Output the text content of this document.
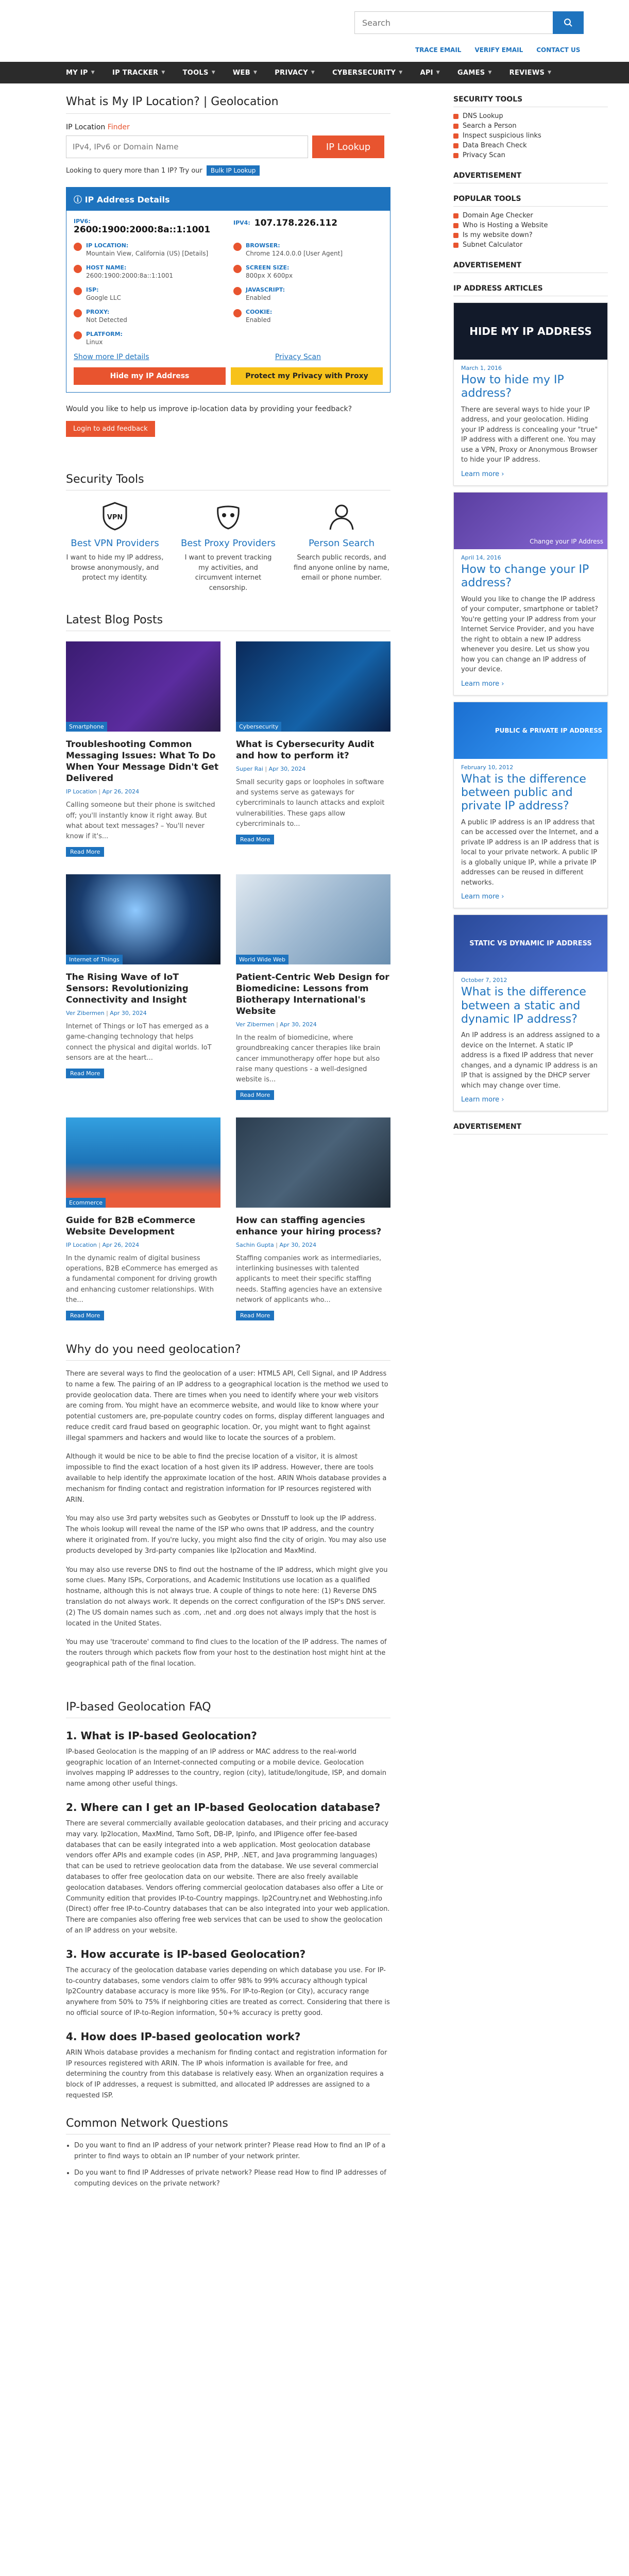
Search
TRACE EMAIL VERIFY EMAIL CONTACT US
MY IP ▼	IP TRACKER ▼	TOOLS ▼	WEB ▼	PRIVACY ▼	CYBERSECURITY ▼	API ▼	GAMES ▼	REVIEWS ▼
What is My IP Location? | Geolocation
IP Location Finder
IPv4, IPv6 or Domain Name
IP Lookup
Looking to query more than 1 IP? Try our	Bulk IP Lookup
ⓘ IP Address Details
IPV6:
2600:1900:2000:8a::1:1001
IPV4: 107.178.226.112
IP LOCATION:
Mountain View, California (US) [Details]
BROWSER:
Chrome 124.0.0.0 [User Agent]
HOST NAME:
2600:1900:2000:8a::1:1001
SCREEN SIZE:
800px X 600px
ISP:
Google LLC
JAVASCRIPT:
Enabled
PROXY:
Not Detected
COOKIE:
Enabled
PLATFORM:
Linux
Show more IP details	Privacy Scan
Hide my IP Address	Protect my Privacy with Proxy
Would you like to help us improve ip-location data by providing your feedback?
Login to add feedback
Security Tools
VPN
Best VPN Providers
I want to hide my IP address, browse anonymously, and protect my identity.
Best Proxy Providers
I want to prevent tracking my activities, and circumvent internet censorship.
Person Search
Search public records, and find anyone online by name, email or phone number.
Latest Blog Posts
Smartphone
Troubleshooting Common Messaging Issues: What To Do When Your Message Didn't Get Delivered
IP Location | Apr 26, 2024
Calling someone but their phone is switched off; you'll instantly know it right away. But what about text messages? – You'll never know if it's...
Read More
Cybersecurity
What is Cybersecurity Audit and how to perform it?
Super Rai | Apr 30, 2024
Small security gaps or loopholes in software and systems serve as gateways for cybercriminals to launch attacks and exploit vulnerabilities. These gaps allow cybercriminals to...
Read More
Internet of Things
The Rising Wave of IoT Sensors: Revolutionizing Connectivity and Insight
Ver Zibermen | Apr 30, 2024
Internet of Things or IoT has emerged as a game-changing technology that helps connect the physical and digital worlds. IoT sensors are at the heart...
Read More
World Wide Web
Patient-Centric Web Design for Biomedicine: Lessons from Biotherapy International's Website
Ver Zibermen | Apr 30, 2024
In the realm of biomedicine, where groundbreaking cancer therapies like brain cancer immunotherapy offer hope but also raise many questions - a well-designed website is...
Read More
Ecommerce
Guide for B2B eCommerce Website Development
IP Location | Apr 26, 2024
In the dynamic realm of digital business operations, B2B eCommerce has emerged as a fundamental component for driving growth and enhancing customer relationships. With the...
Read More
How can staffing agencies enhance your hiring process?
Sachin Gupta | Apr 30, 2024
Staffing companies work as intermediaries, interlinking businesses with talented applicants to meet their specific staffing needs. Staffing agencies have an extensive network of applicants who...
Read More
Why do you need geolocation?

There are several ways to find the geolocation of a user: HTML5 API, Cell Signal, and IP Address to name a few. The pairing of an IP address to a geographical location is the method we used to provide geolocation data. There are times when you need to identify where your web visitors are coming from. You might have an ecommerce website, and would like to know where your potential customers are, pre-populate country codes on forms, display different languages and reduce credit card fraud based on geographic location. Or, you might want to fight against illegal spammers and hackers and would like to locate the sources of a problem.

Although it would be nice to be able to find the precise location of a visitor, it is almost impossible to find the exact location of a host given its IP address. However, there are tools available to help identify the approximate location of the host. ARIN Whois database provides a mechanism for finding contact and registration information for IP resources registered with ARIN.

You may also use 3rd party websites such as Geobytes or Dnsstuff to look up the IP address. The whois lookup will reveal the name of the ISP who owns that IP address, and the country where it originated from. If you're lucky, you might also find the city of origin. You may also use products developed by 3rd-party companies like Ip2location and MaxMind.

You may also use reverse DNS to find out the hostname of the IP address, which might give you some clues. Many ISPs, Corporations, and Academic Institutions use location as a qualified hostname, although this is not always true. A couple of things to note here: (1) Reverse DNS translation do not always work. It depends on the correct configuration of the ISP's DNS server. (2) The US domain names such as .com, .net and .org does not always imply that the host is located in the United States.

You may use 'traceroute' command to find clues to the location of the IP address. The names of the routers through which packets flow from your host to the destination host might hint at the geographical path of the final location.

IP-based Geolocation FAQ
1. What is IP-based Geolocation?

IP-based Geolocation is the mapping of an IP address or MAC address to the real-world geographic location of an Internet-connected computing or a mobile device. Geolocation involves mapping IP addresses to the country, region (city), latitude/longitude, ISP, and domain name among other useful things.

2. Where can I get an IP-based Geolocation database?

There are several commercially available geolocation databases, and their pricing and accuracy may vary. Ip2location, MaxMind, Tamo Soft, DB-IP, Ipinfo, and IPligence offer fee-based databases that can be easily integrated into a web application. Most geolocation database vendors offer APIs and example codes (in ASP, PHP, .NET, and Java programming languages) that can be used to retrieve geolocation data from the database. We use several commercial databases to offer free geolocation data on our website. There are also freely available geolocation databases. Vendors offering commercial geolocation databases also offer a Lite or Community edition that provides IP-to-Country mappings. Ip2Country.net and Webhosting.info (Direct) offer free IP-to-Country databases that can be also integrated into your web application. There are companies also offering free web services that can be used to show the geolocation of an IP address on your website.

3. How accurate is IP-based Geolocation?

The accuracy of the geolocation database varies depending on which database you use. For IP-to-country databases, some vendors claim to offer 98% to 99% accuracy although typical Ip2Country database accuracy is more like 95%. For IP-to-Region (or City), accuracy range anywhere from 50% to 75% if neighboring cities are treated as correct. Considering that there is no official source of IP-to-Region information, 50+% accuracy is pretty good.

4. How does IP-based geolocation work?

ARIN Whois database provides a mechanism for finding contact and registration information for IP resources registered with ARIN. The IP whois information is available for free, and determining the country from this database is relatively easy. When an organization requires a block of IP addresses, a request is submitted, and allocated IP addresses are assigned to a requested ISP.

Common Network Questions
• Do you want to find an IP address of your network printer? Please read How to find an IP of a printer to find ways to obtain an IP number of your network printer.
• Do you want to find IP Addresses of private network? Please read How to find IP addresses of computing devices on the private network?
SECURITY TOOLS
DNS Lookup
Search a Person
Inspect suspicious links
Data Breach Check
Privacy Scan
ADVERTISEMENT
POPULAR TOOLS
Domain Age Checker
Who is Hosting a Website
Is my website down?
Subnet Calculator
ADVERTISEMENT
IP ADDRESS ARTICLES
HIDE MY IP ADDRESS
March 1, 2016
How to hide my IP address?
There are several ways to hide your IP address, and your geolocation. Hiding your IP address is concealing your "true" IP address with a different one. You may use a VPN, Proxy or Anonymous Browser to hide your IP address.
Learn more ›
Change your IP Address
April 14, 2016
How to change your IP address?
Would you like to change the IP address of your computer, smartphone or tablet? You're getting your IP address from your Internet Service Provider, and you have the right to obtain a new IP address whenever you desire. Let us show you how you can change an IP address of your device.
Learn more ›
PUBLIC & PRIVATE IP ADDRESS
February 10, 2012
What is the difference between public and private IP address?
A public IP address is an IP address that can be accessed over the Internet, and a private IP address is an IP address that is local to your private network. A public IP is a globally unique IP, while a private IP addresses can be reused in different networks.
Learn more ›
STATIC VS DYNAMIC IP ADDRESS
October 7, 2012
What is the difference between a static and dynamic IP address?
An IP address is an address assigned to a device on the Internet. A static IP address is a fixed IP address that never changes, and a dynamic IP address is an IP that is assigned by the DHCP server which may change over time.
Learn more ›
ADVERTISEMENT
